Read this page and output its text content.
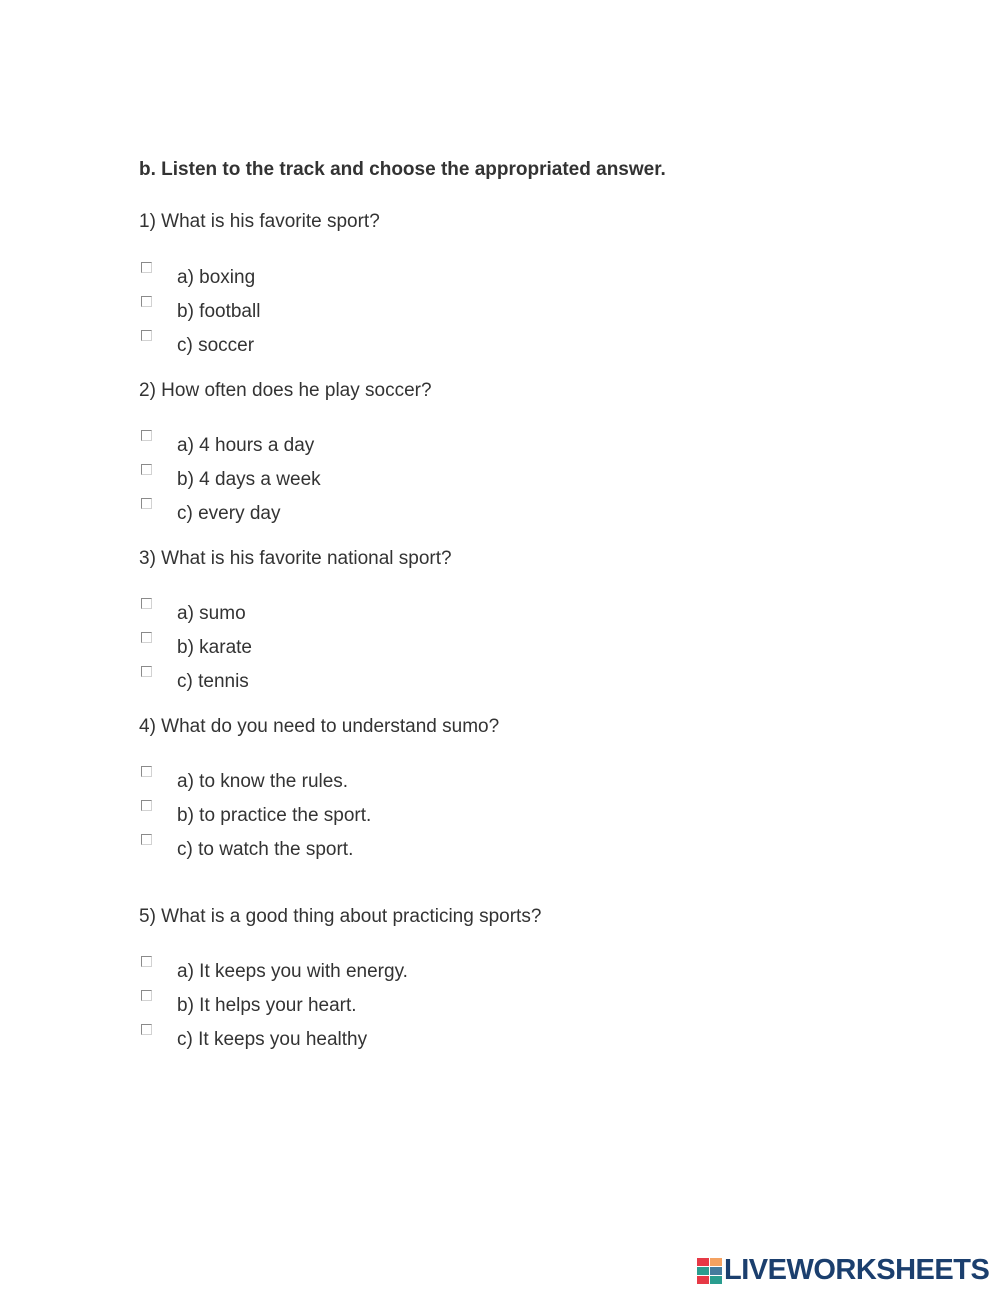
b. Listen to the track and choose the appropriated answer.
1) What is his favorite sport?
a) boxing
b) football
c) soccer
2) How often does he play soccer?
a) 4 hours a day
b) 4 days a week
c) every day
3) What is his favorite national sport?
a) sumo
b) karate
c) tennis
4) What do you need to understand sumo?
a) to know the rules.
b) to practice the sport.
c) to watch the sport.
5) What is a good thing about practicing sports?
a) It keeps you with energy.
b) It helps your heart.
c) It keeps you healthy
LIVEWORKSHEETS
